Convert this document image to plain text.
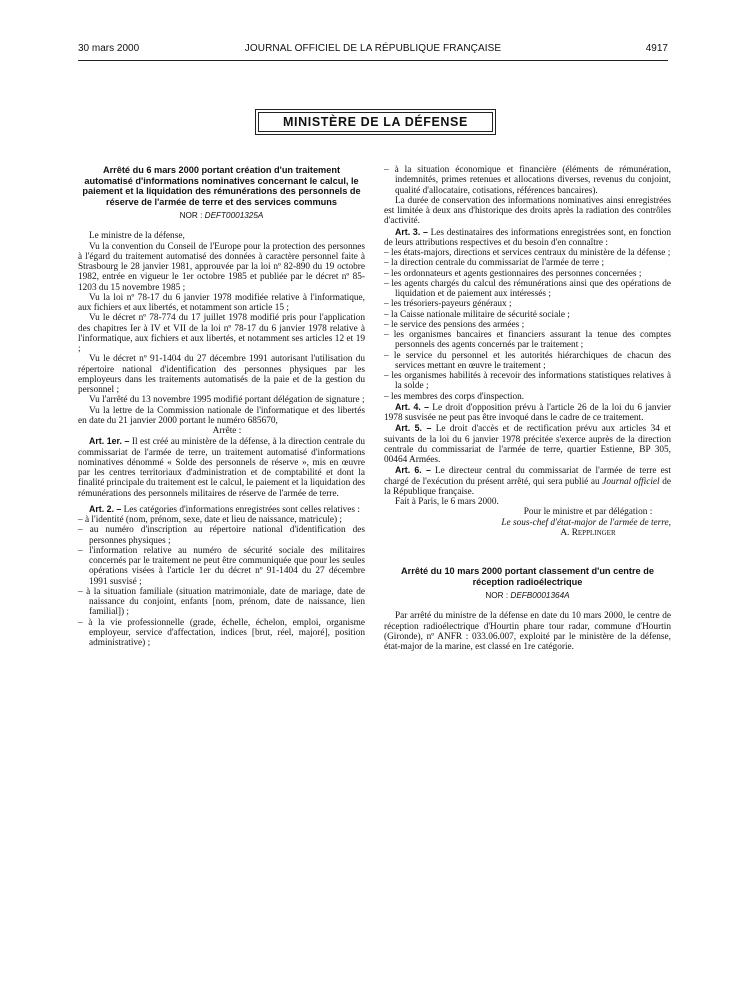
30 mars 2000	JOURNAL OFFICIEL DE LA RÉPUBLIQUE FRANÇAISE	4917
MINISTÈRE DE LA DÉFENSE
Arrêté du 6 mars 2000 portant création d'un traitement automatisé d'informations nominatives concernant le calcul, le paiement et la liquidation des rémunérations des personnels de réserve de l'armée de terre et des services communs
NOR : DEFT0001325A

Le ministre de la défense,

Vu la convention du Conseil de l'Europe pour la protection des personnes à l'égard du traitement automatisé des données à caractère personnel faite à Strasbourg le 28 janvier 1981, approuvée par la loi nº 82-890 du 19 octobre 1982, entrée en vigueur le 1er octobre 1985 et publiée par le décret nº 85-1203 du 15 novembre 1985 ;

Vu la loi nº 78-17 du 6 janvier 1978 modifiée relative à l'informatique, aux fichiers et aux libertés, et notamment son article 15 ;

Vu le décret nº 78-774 du 17 juillet 1978 modifié pris pour l'application des chapitres Ier à IV et VII de la loi nº 78-17 du 6 janvier 1978 relative à l'informatique, aux fichiers et aux libertés, et notamment ses articles 12 et 19 ;

Vu le décret nº 91-1404 du 27 décembre 1991 autorisant l'utilisation du répertoire national d'identification des personnes physiques par les employeurs dans les traitements automatisés de la paie et de la gestion du personnel ;

Vu l'arrêté du 13 novembre 1995 modifié portant délégation de signature ;

Vu la lettre de la Commission nationale de l'informatique et des libertés en date du 21 janvier 2000 portant le numéro 685670,

Arrête :

Art. 1er. – Il est créé au ministère de la défense, à la direction centrale du commissariat de l'armée de terre, un traitement automatisé d'informations nominatives dénommé « Solde des personnels de réserve », mis en œuvre par les centres territoriaux d'administration et de comptabilité et dont la finalité principale du traitement est le calcul, le paiement et la liquidation des rémunérations des personnels militaires de réserve de l'armée de terre.

Art. 2. – Les catégories d'informations enregistrées sont celles relatives :

– à l'identité (nom, prénom, sexe, date et lieu de naissance, matricule) ;
– au numéro d'inscription au répertoire national d'identification des personnes physiques ;
– l'information relative au numéro de sécurité sociale des militaires concernés par le traitement ne peut être communiquée que pour les seules opérations visées à l'article 1er du décret nº 91-1404 du 27 décembre 1991 susvisé ;
– à la situation familiale (situation matrimoniale, date de mariage, date de naissance du conjoint, enfants [nom, prénom, date de naissance, lien familial]) ;
– à la vie professionnelle (grade, échelle, échelon, emploi, organisme employeur, service d'affectation, indices [brut, réel, majoré], position administrative) ;
– à la situation économique et financière (éléments de rémunération, indemnités, primes retenues et allocations diverses, revenus du conjoint, qualité d'allocataire, cotisations, références bancaires).

La durée de conservation des informations nominatives ainsi enregistrées est limitée à deux ans d'historique des droits après la radiation des contrôles d'activité.

Art. 3. – Les destinataires des informations enregistrées sont, en fonction de leurs attributions respectives et du besoin d'en connaître :

– les états-majors, directions et services centraux du ministère de la défense ;
– la direction centrale du commissariat de l'armée de terre ;
– les ordonnateurs et agents gestionnaires des personnes concernées ;
– les agents chargés du calcul des rémunérations ainsi que des opérations de liquidation et de paiement aux intéressés ;
– les trésoriers-payeurs généraux ;
– la Caisse nationale militaire de sécurité sociale ;
– le service des pensions des armées ;
– les organismes bancaires et financiers assurant la tenue des comptes personnels des agents concernés par le traitement ;
– le service du personnel et les autorités hiérarchiques de chacun des services mettant en œuvre le traitement ;
– les organismes habilités à recevoir des informations statistiques relatives à la solde ;
– les membres des corps d'inspection.

Art. 4. – Le droit d'opposition prévu à l'article 26 de la loi du 6 janvier 1978 susvisée ne peut pas être invoqué dans le cadre de ce traitement.

Art. 5. – Le droit d'accès et de rectification prévu aux articles 34 et suivants de la loi du 6 janvier 1978 précitée s'exerce auprès de la direction centrale du commissariat de l'armée de terre, quartier Estienne, BP 305, 00464 Armées.

Art. 6. – Le directeur central du commissariat de l'armée de terre est chargé de l'exécution du présent arrêté, qui sera publié au Journal officiel de la République française.

Fait à Paris, le 6 mars 2000.

Pour le ministre et par délégation :

Le sous-chef d'état-major de l'armée de terre,

A. Repplinger

Arrêté du 10 mars 2000 portant classement d'un centre de réception radioélectrique
NOR : DEFB0001364A

Par arrêté du ministre de la défense en date du 10 mars 2000, le centre de réception radioélectrique d'Hourtin phare tour radar, commune d'Hourtin (Gironde), nº ANFR : 033.06.007, exploité par le ministère de la défense, état-major de la marine, est classé en 1re catégorie.
